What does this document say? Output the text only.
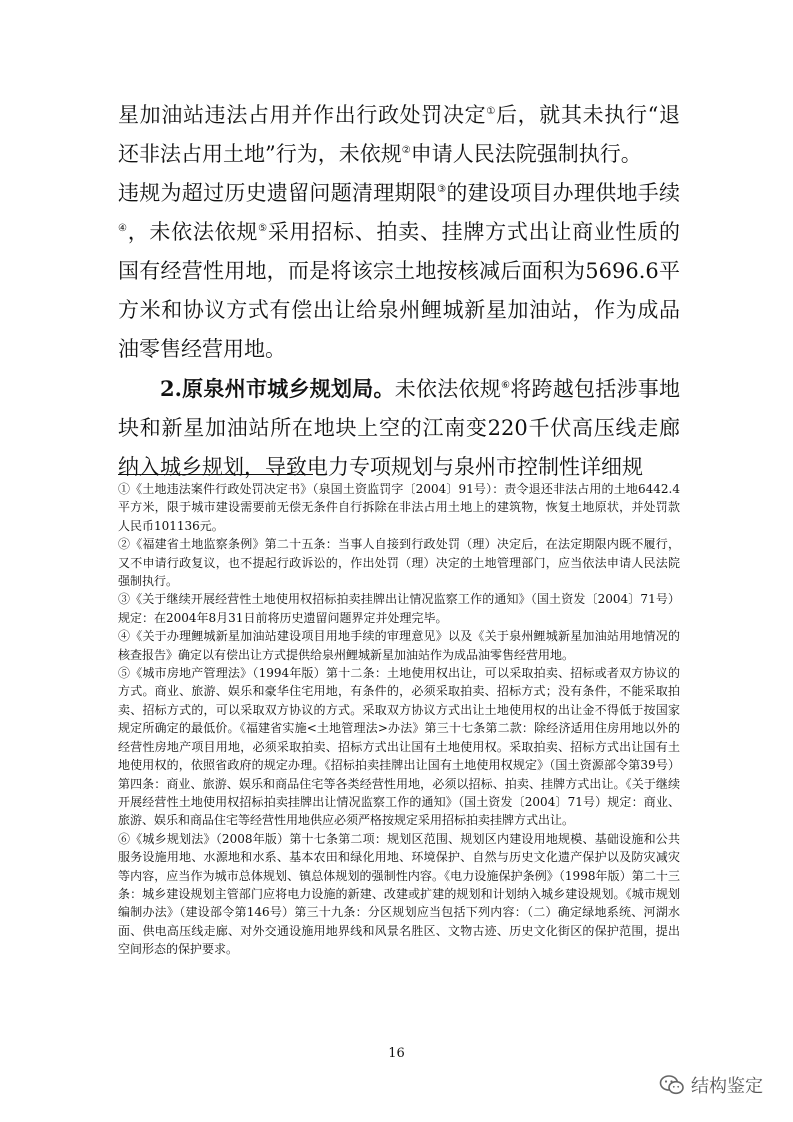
星加油站违法占用并作出行政处罚决定①后，就其未执行“退还非法占用土地”行为，未依规②申请人民法院强制执行。

违规为超过历史遗留问题清理期限③的建设项目办理供地手续④，未依法依规⑤采用招标、拍卖、挂牌方式出让商业性质的国有经营性用地，而是将该宗土地按核减后面积为5696.6平方米和协议方式有偿出让给泉州鲤城新星加油站，作为成品油零售经营用地。

2.原泉州市城乡规划局。未依法依规⑥将跨越包括涉事地块和新星加油站所在地块上空的江南变220千伏高压线走廊纳入城乡规划，导致电力专项规划与泉州市控制性详细规

①《土地违法案件行政处罚决定书》（泉国土资监罚字〔2004〕91号）：责令退还非法占用的土地6442.4平方米，限于城市建设需要前无偿无条件自行拆除在非法占用土地上的建筑物，恢复土地原状，并处罚款人民币101136元。

②《福建省土地监察条例》第二十五条：当事人自接到行政处罚（理）决定后，在法定期限内既不履行，又不申请行政复议，也不提起行政诉讼的，作出处罚（理）决定的土地管理部门，应当依法申请人民法院强制执行。

③《关于继续开展经营性土地使用权招标拍卖挂牌出让情况监察工作的通知》（国土资发〔2004〕71号）规定：在2004年8月31日前将历史遗留问题界定并处理完毕。

④《关于办理鲤城新星加油站建设项目用地手续的审理意见》以及《关于泉州鲤城新星加油站用地情况的核查报告》确定以有偿出让方式提供给泉州鲤城新星加油站作为成品油零售经营用地。

⑤《城市房地产管理法》（1994年版）第十二条：土地使用权出让，可以采取拍卖、招标或者双方协议的方式。商业、旅游、娱乐和豪华住宅用地，有条件的，必须采取拍卖、招标方式；没有条件，不能采取拍卖、招标方式的，可以采取双方协议的方式。采取双方协议方式出让土地使用权的出让金不得低于按国家规定所确定的最低价。《福建省实施<土地管理法>办法》第三十七条第二款：除经济适用住房用地以外的经营性房地产项目用地，必须采取拍卖、招标方式出让国有土地使用权。采取拍卖、招标方式出让国有土地使用权的，依照省政府的规定办理。《招标拍卖挂牌出让国有土地使用权规定》（国土资源部令第39号）第四条：商业、旅游、娱乐和商品住宅等各类经营性用地，必须以招标、拍卖、挂牌方式出让。《关于继续开展经营性土地使用权招标拍卖挂牌出让情况监察工作的通知》（国土资发〔2004〕71号）规定：商业、旅游、娱乐和商品住宅等经营性用地供应必须严格按规定采用招标拍卖挂牌方式出让。

⑥《城乡规划法》（2008年版）第十七条第二项：规划区范围、规划区内建设用地规模、基础设施和公共服务设施用地、水源地和水系、基本农田和绿化用地、环境保护、自然与历史文化遗产保护以及防灾减灾等内容，应当作为城市总体规划、镇总体规划的强制性内容。《电力设施保护条例》（1998年版）第二十三条：城乡建设规划主管部门应将电力设施的新建、改建或扩建的规划和计划纳入城乡建设规划。《城市规划编制办法》（建设部令第146号）第三十九条：分区规划应当包括下列内容：（二）确定绿地系统、河湖水面、供电高压线走廊、对外交通设施用地界线和风景名胜区、文物古迹、历史文化街区的保护范围，提出空间形态的保护要求。

16
结构鉴定
